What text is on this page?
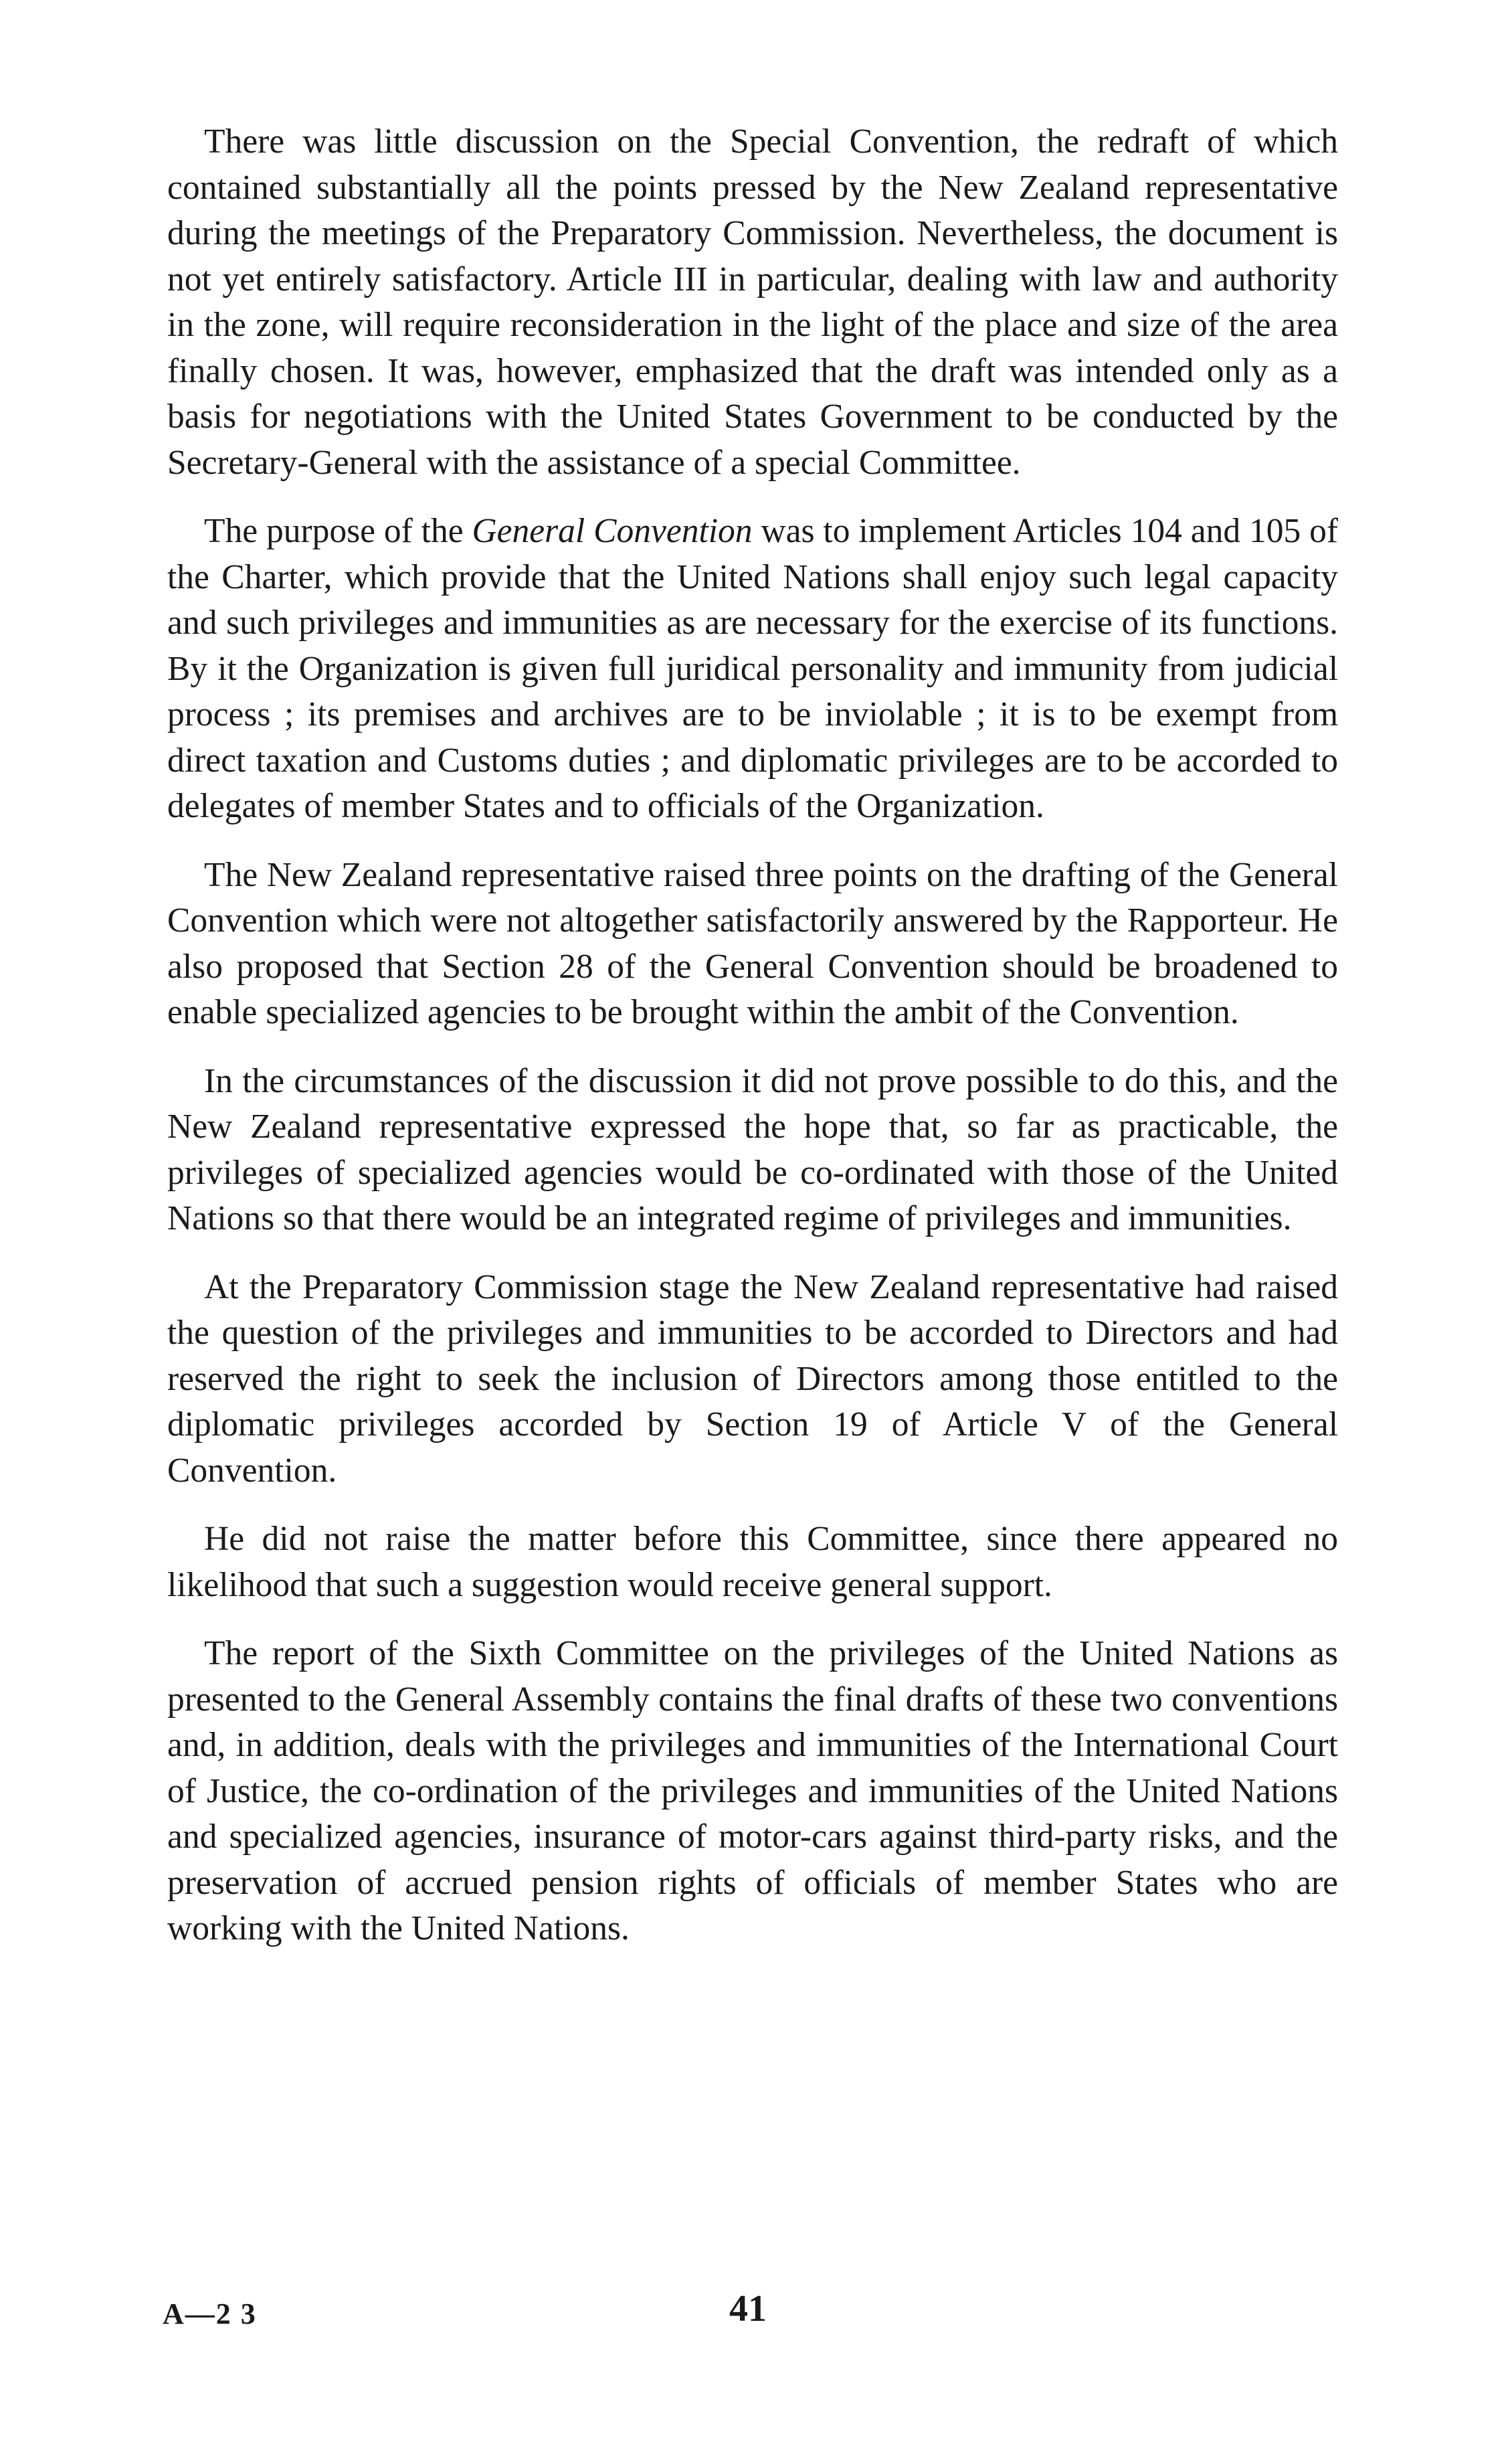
There was little discussion on the Special Convention, the redraft of which contained substantially all the points pressed by the New Zealand representative during the meetings of the Preparatory Commission. Nevertheless, the document is not yet entirely satisfactory. Article III in particular, dealing with law and authority in the zone, will require reconsideration in the light of the place and size of the area finally chosen. It was, however, emphasized that the draft was intended only as a basis for negotiations with the United States Government to be conducted by the Secretary-General with the assistance of a special Committee.

The purpose of the General Convention was to implement Articles 104 and 105 of the Charter, which provide that the United Nations shall enjoy such legal capacity and such privileges and immunities as are necessary for the exercise of its functions. By it the Organization is given full juridical personality and immunity from judicial process ; its premises and archives are to be inviolable ; it is to be exempt from direct taxation and Customs duties ; and diplomatic privileges are to be accorded to delegates of member States and to officials of the Organization.

The New Zealand representative raised three points on the drafting of the General Convention which were not altogether satisfactorily answered by the Rapporteur. He also proposed that Section 28 of the General Convention should be broadened to enable specialized agencies to be brought within the ambit of the Convention.

In the circumstances of the discussion it did not prove possible to do this, and the New Zealand representative expressed the hope that, so far as practicable, the privileges of specialized agencies would be co-ordinated with those of the United Nations so that there would be an integrated regime of privileges and immunities.

At the Preparatory Commission stage the New Zealand representative had raised the question of the privileges and immunities to be accorded to Directors and had reserved the right to seek the inclusion of Directors among those entitled to the diplomatic privileges accorded by Section 19 of Article V of the General Convention.

He did not raise the matter before this Committee, since there appeared no likelihood that such a suggestion would receive general support.

The report of the Sixth Committee on the privileges of the United Nations as presented to the General Assembly contains the final drafts of these two conventions and, in addition, deals with the privileges and immunities of the International Court of Justice, the co-ordination of the privileges and immunities of the United Nations and specialized agencies, insurance of motor-cars against third-party risks, and the preservation of accrued pension rights of officials of member States who are working with the United Nations.

A—2 3	41
